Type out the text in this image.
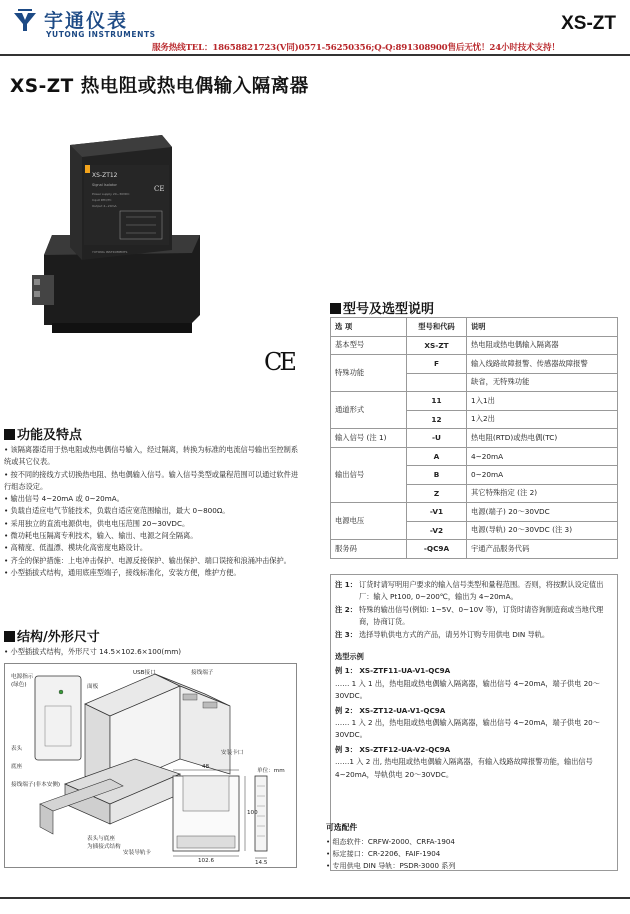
宇通仪表
YUTONG INSTRUMENTS
XS-ZT
服务热线TEL：18658821723(V同)0571-56250356;Q-Q:891308900售后无忧！24小时技术支持！
XS-ZT 热电阻或热电偶输入隔离器
XS-ZT12
Signal Isolator
Power supply 20~30VDC
Input RTD/TC
Output 4~20mA
CE
YUTONG INSTRUMENTS
CE
功能及特点
• 该隔离器适用于热电阻或热电偶信号输入，经过隔离，转换为标准的电流信号输出至控制系统或其它仪表。
• 按不同的接线方式切换热电阻、热电偶输入信号。输入信号类型或量程范围可以通过软件进行组态设定。
• 输出信号 4~20mA 或 0~20mA。
• 负载自适应电气节能技术，负载自适应宽范围输出，最大 0~800Ω。
• 采用独立的直流电源供电，供电电压范围 20~30VDC。
• 微功耗电压隔离专利技术，输入、输出、电源之间全隔离。
• 高精度、低温漂、模块化高密度电路设计。
• 齐全的保护措施：上电冲击保护、电源反接保护、输出保护、端口误接和浪涌冲击保护。
• 小型插拔式结构，通用底座型端子，接线标准化，安装方便，维护方便。
结构/外形尺寸
• 小型插拔式结构，外形尺寸 14.5×102.6×100(mm)
电源指示
(绿色)	面板
USB接口	接线端子
表头
底座
接线端子(非本安侧)
安装卡口
安装导轨卡
表头与底座
为插接式结构
单位：mm
48
100
102.6	14.5
型号及选型说明
选 项	型号和代码	说明
基本型号	XS-ZT	热电阻或热电偶输入隔离器
特殊功能	F	输入线路故障报警、传感器故障报警
		缺省，无特殊功能
通道形式	11	1入1出
	12	1入2出
输入信号 (注 1)	-U	热电阻(RTD)或热电偶(TC)
输出信号	A	4~20mA
	B	0~20mA
	Z	其它特殊指定 (注 2)
电源电压	-V1	电源(端子) 20～30VDC
	-V2	电源(导轨) 20～30VDC (注 3)
服务码	-QC9A	宇通产品服务代码
注 1： 订货时请写明用户要求的输入信号类型和量程范围。否则，将按默认设定值出厂：输入 Pt100, 0~200℃，输出为 4~20mA。
注 2： 特殊的输出信号(例如: 1~5V、0~10V 等)，订货时请咨询制造商或当地代理商，协商订货。
注 3： 选择导轨供电方式的产品，请另外订购专用供电 DIN 导轨。
选型示例
例 1： XS-ZTF11-UA-V1-QC9A
…… 1 入 1 出，热电阻或热电偶输入隔离器，输出信号 4~20mA，端子供电 20～30VDC。
例 2： XS-ZT12-UA-V1-QC9A
…… 1 入 2 出，热电阻或热电偶输入隔离器，输出信号 4~20mA，端子供电 20～30VDC。
例 3： XS-ZTF12-UA-V2-QC9A
……1 入 2 出, 热电阻或热电偶输入隔离器，有输入线路故障报警功能，输出信号 4~20mA，导轨供电 20～30VDC。
可选配件
• 组态软件：CRFW-2000、CRFA-1904
• 标定接口：CR-2206、FAIF-1904
• 专用供电 DIN 导轨：PSDR-3000 系列
